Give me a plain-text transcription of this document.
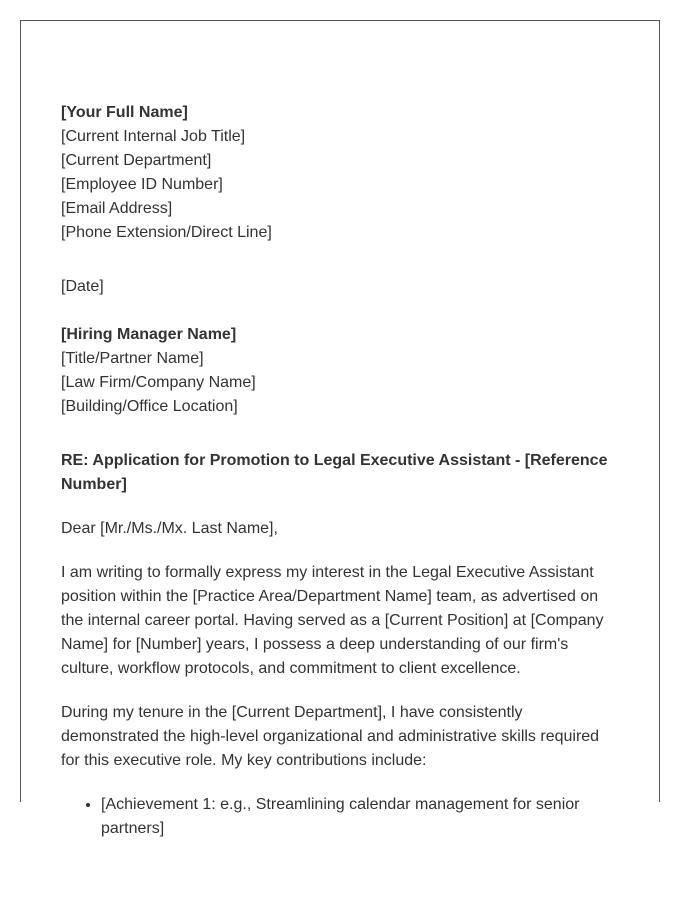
[Your Full Name]
[Current Internal Job Title]
[Current Department]
[Employee ID Number]
[Email Address]
[Phone Extension/Direct Line]
[Date]
[Hiring Manager Name]
[Title/Partner Name]
[Law Firm/Company Name]
[Building/Office Location]
RE: Application for Promotion to Legal Executive Assistant - [Reference Number]
Dear [Mr./Ms./Mx. Last Name],

I am writing to formally express my interest in the Legal Executive Assistant position within the [Practice Area/Department Name] team, as advertised on the internal career portal. Having served as a [Current Position] at [Company Name] for [Number] years, I possess a deep understanding of our firm's culture, workflow protocols, and commitment to client excellence.

During my tenure in the [Current Department], I have consistently demonstrated the high-level organizational and administrative skills required for this executive role. My key contributions include:

• [Achievement 1: e.g., Streamlining calendar management for senior partners]
